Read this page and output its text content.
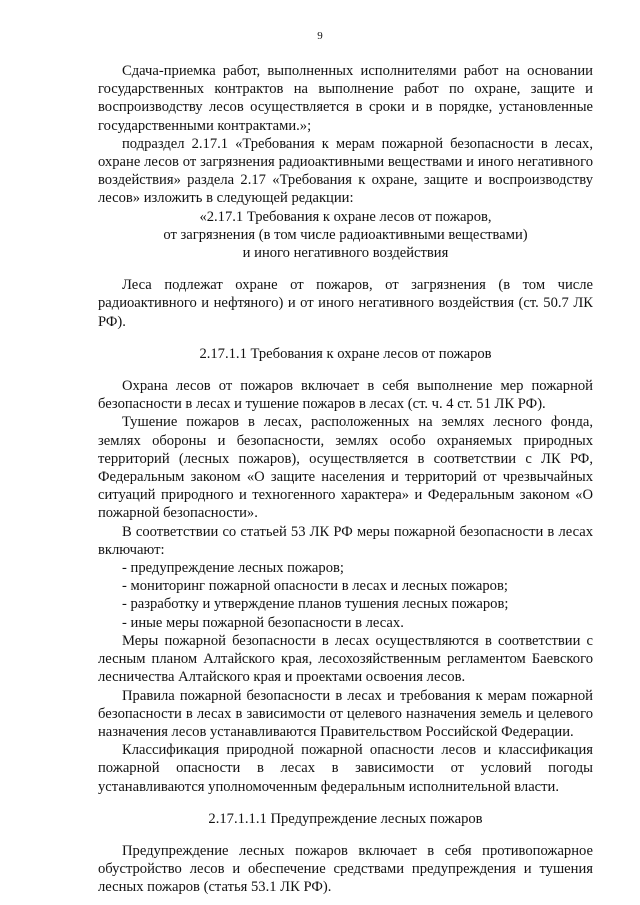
9

Сдача-приемка работ, выполненных исполнителями работ на основании государственных контрактов на выполнение работ по охране, защите и воспроизводству лесов осуществляется в сроки и в порядке, установленные государственными контрактами.»;

подраздел 2.17.1 «Требования к мерам пожарной безопасности в лесах, охране лесов от загрязнения радиоактивными веществами и иного негативного воздействия» раздела 2.17 «Требования к охране, защите и воспроизводству лесов» изложить в следующей редакции:

«2.17.1 Требования к охране лесов от пожаров,
от загрязнения (в том числе радиоактивными веществами)
и иного негативного воздействия

Леса подлежат охране от пожаров, от загрязнения (в том числе радиоактивного и нефтяного) и от иного негативного воздействия (ст. 50.7 ЛК РФ).

2.17.1.1 Требования к охране лесов от пожаров

Охрана лесов от пожаров включает в себя выполнение мер пожарной безопасности в лесах и тушение пожаров в лесах (ст. ч. 4 ст. 51 ЛК РФ).

Тушение пожаров в лесах, расположенных на землях лесного фонда, землях обороны и безопасности, землях особо охраняемых природных территорий (лесных пожаров), осуществляется в соответствии с ЛК РФ, Федеральным законом «О защите населения и территорий от чрезвычайных ситуаций природного и техногенного характера» и Федеральным законом «О пожарной безопасности».

В соответствии со статьей 53 ЛК РФ меры пожарной безопасности в лесах включают:

- предупреждение лесных пожаров;
- мониторинг пожарной опасности в лесах и лесных пожаров;
- разработку и утверждение планов тушения лесных пожаров;
- иные меры пожарной безопасности в лесах.

Меры пожарной безопасности в лесах осуществляются в соответствии с лесным планом Алтайского края, лесохозяйственным регламентом Баевского лесничества Алтайского края и проектами освоения лесов.

Правила пожарной безопасности в лесах и требования к мерам пожарной безопасности в лесах в зависимости от целевого назначения земель и целевого назначения лесов устанавливаются Правительством Российской Федерации.

Классификация природной пожарной опасности лесов и классификация пожарной опасности в лесах в зависимости от условий погоды устанавливаются уполномоченным федеральным исполнительной власти.

2.17.1.1.1 Предупреждение лесных пожаров

Предупреждение лесных пожаров включает в себя противопожарное обустройство лесов и обеспечение средствами предупреждения и тушения лесных пожаров (статья 53.1 ЛК РФ).
